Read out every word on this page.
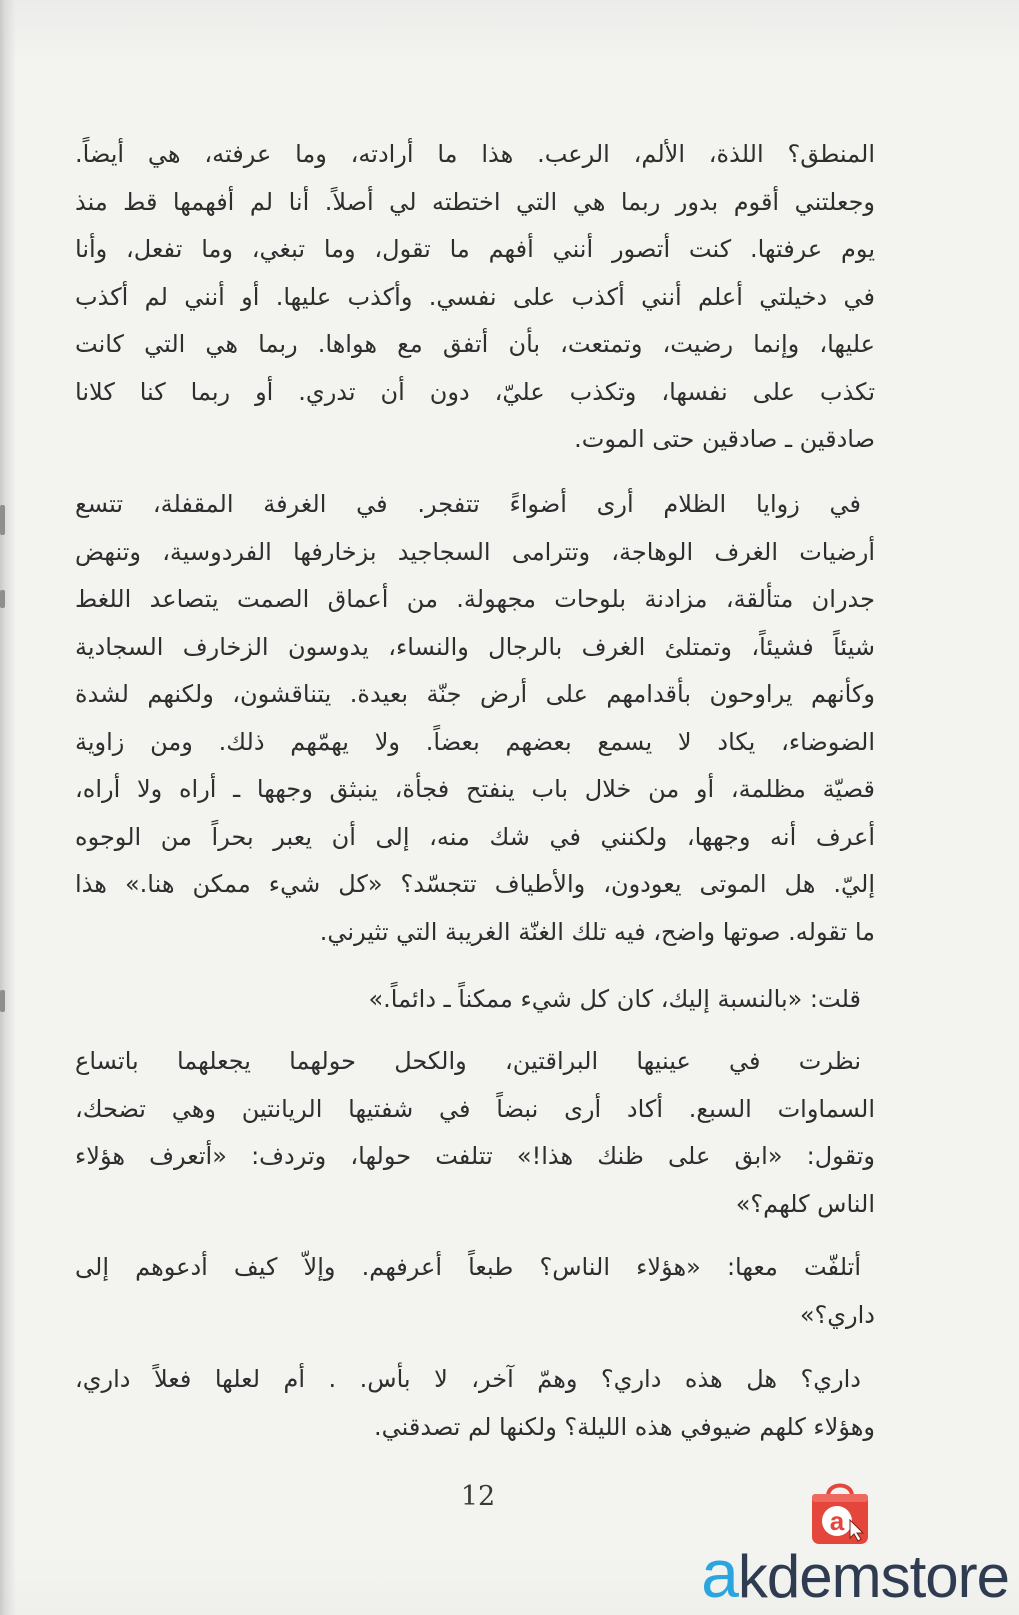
المنطق؟ اللذة، الألم، الرعب. هذا ما أرادته، وما عرفته، هي أيضاً.
وجعلتني أقوم بدور ربما هي التي اختطته لي أصلاً. أنا لم أفهمها قط منذ
يوم عرفتها. كنت أتصور أنني أفهم ما تقول، وما تبغي، وما تفعل، وأنا
في دخيلتي أعلم أنني أكذب على نفسي. وأكذب عليها. أو أنني لم أكذب
عليها، وإنما رضيت، وتمتعت، بأن أتفق مع هواها. ربما هي التي كانت
تكذب على نفسها، وتكذب عليّ، دون أن تدري. أو ربما كنا كلانا
صادقين ـ صادقين حتى الموت.
في زوايا الظلام أرى أضواءً تتفجر. في الغرفة المقفلة، تتسع
أرضيات الغرف الوهاجة، وتترامى السجاجيد بزخارفها الفردوسية، وتنهض
جدران متألقة، مزادنة بلوحات مجهولة. من أعماق الصمت يتصاعد اللغط
شيئاً فشيئاً، وتمتلئ الغرف بالرجال والنساء، يدوسون الزخارف السجادية
وكأنهم يراوحون بأقدامهم على أرض جنّة بعيدة. يتناقشون، ولكنهم لشدة
الضوضاء، يكاد لا يسمع بعضهم بعضاً. ولا يهمّهم ذلك. ومن زاوية
قصيّة مظلمة، أو من خلال باب ينفتح فجأة، ينبثق وجهها ـ أراه ولا أراه،
أعرف أنه وجهها، ولكنني في شك منه، إلى أن يعبر بحراً من الوجوه
إليّ. هل الموتى يعودون، والأطياف تتجسّد؟ «كل شيء ممكن هنا.» هذا
ما تقوله. صوتها واضح، فيه تلك الغنّة الغريبة التي تثيرني.
قلت: «بالنسبة إليك، كان كل شيء ممكناً ـ دائماً.»
نظرت في عينيها البراقتين، والكحل حولهما يجعلهما باتساع
السماوات السبع. أكاد أرى نبضاً في شفتيها الريانتين وهي تضحك،
وتقول: «ابق على ظنك هذا!» تتلفت حولها، وتردف: «أتعرف هؤلاء
الناس كلهم؟»
أتلفّت معها: «هؤلاء الناس؟ طبعاً أعرفهم. وإلاّ كيف أدعوهم إلى
داري؟»
داري؟ هل هذه داري؟ وهمّ آخر، لا بأس. . أم لعلها فعلاً داري،
وهؤلاء كلهم ضيوفي هذه الليلة؟ ولكنها لم تصدقني.
12
a
akdemstore
